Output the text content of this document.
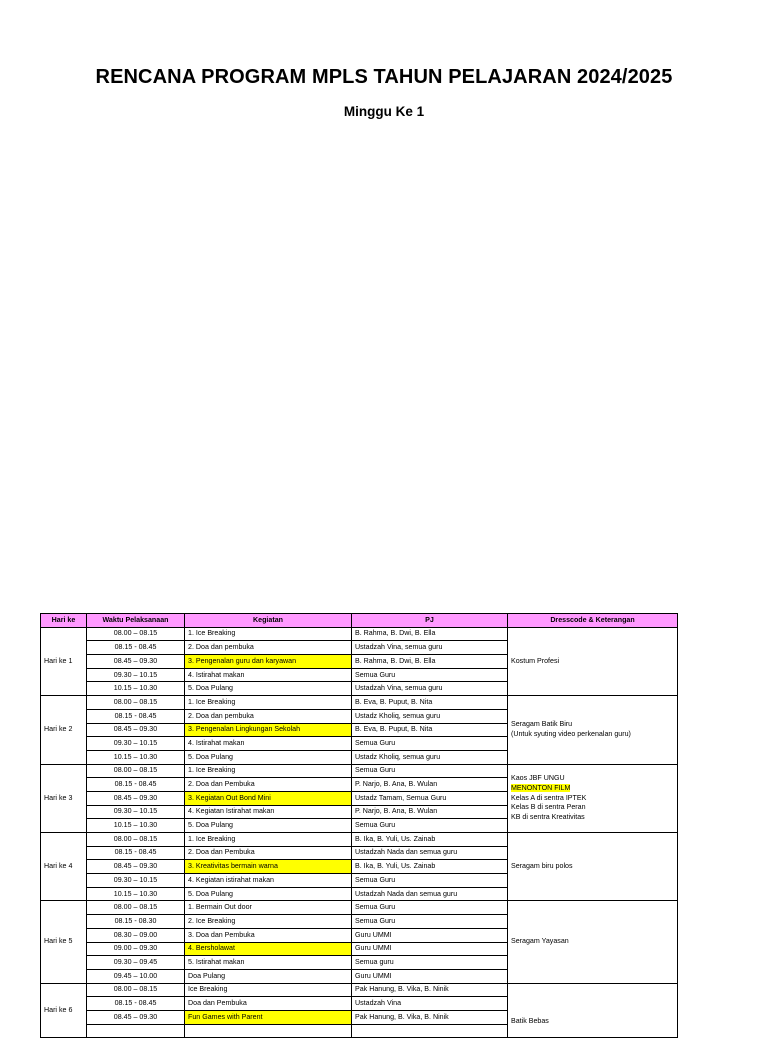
RENCANA PROGRAM MPLS TAHUN PELAJARAN 2024/2025
Minggu Ke 1
Hari ke	Waktu Pelaksanaan	Kegiatan	PJ	Dresscode & Keterangan
Hari ke 1	08.00 – 08.15	1. Ice Breaking	B. Rahma, B. Dwi, B. Ella	Kostum Profesi

	08.15 - 08.45	2. Doa dan pembuka	Ustadzah Vina, semua guru	
	08.45 – 09.30	3. Pengenalan guru dan karyawan	B. Rahma, B. Dwi, B. Ella	
	09.30 – 10.15	4. Istirahat makan	Semua Guru	
	10.15 – 10.30	5. Doa Pulang	Ustadzah Vina, semua guru	
Hari ke 2	08.00 – 08.15	1. Ice Breaking	B. Eva, B. Puput, B. Nita	Seragam Batik Biru
(Untuk syuting video perkenalan guru)

	08.15 - 08.45	2. Doa dan pembuka	Ustadz Kholiq, semua guru	
	08.45 – 09.30	3. Pengenalan Lingkungan Sekolah	B. Eva, B. Puput, B. Nita	
	09.30 – 10.15	4. Istirahat makan	Semua Guru	
	10.15 – 10.30	5. Doa Pulang	Ustadz Kholiq, semua guru	
Hari ke 3	08.00 – 08.15	1. Ice Breaking	Semua Guru	Kaos JBF UNGU
MENONTON FILM
Kelas A di sentra IPTEK
Kelas B di sentra Peran
KB di sentra Kreativitas

	08.15 - 08.45	2. Doa dan Pembuka	P. Narjo, B. Ana, B. Wulan	
	08.45 – 09.30	3. Kegiatan Out Bond Mini	Ustadz Tamam, Semua Guru	
	09.30 – 10.15	4. Kegiatan Istirahat makan	P. Narjo, B. Ana, B. Wulan	
	10.15 – 10.30	5. Doa Pulang	Semua Guru	
Hari ke 4	08.00 – 08.15	1. Ice Breaking	B. Ika, B. Yuli, Us. Zainab	Seragam biru polos

	08.15 - 08.45	2. Doa dan Pembuka	Ustadzah Nada dan semua guru	
	08.45 – 09.30	3. Kreativitas bermain warna	B. Ika, B. Yuli, Us. Zainab	
	09.30 – 10.15	4. Kegiatan istirahat makan	Semua Guru	
	10.15 – 10.30	5. Doa Pulang	Ustadzah Nada dan semua guru	
Hari ke 5	08.00 – 08.15	1. Bermain Out door	Semua Guru	Seragam Yayasan

	08.15 - 08.30	2. Ice Breaking	Semua Guru	
	08.30 – 09.00	3. Doa dan Pembuka	Guru UMMI	
	09.00 – 09.30	4. Bersholawat	Guru UMMI	
	09.30 – 09.45	5. Istirahat makan	Semua guru	
	09.45 – 10.00	Doa Pulang	Guru UMMI	
Hari ke 6	08.00 – 08.15	Ice Breaking	Pak Hanung, B. Vika, B. Ninik	Batik Bebas

	08.15 - 08.45	Doa dan Pembuka	Ustadzah Vina	
	08.45 – 09.30	Fun Games with Parent	Pak Hanung, B. Vika, B. Ninik	
